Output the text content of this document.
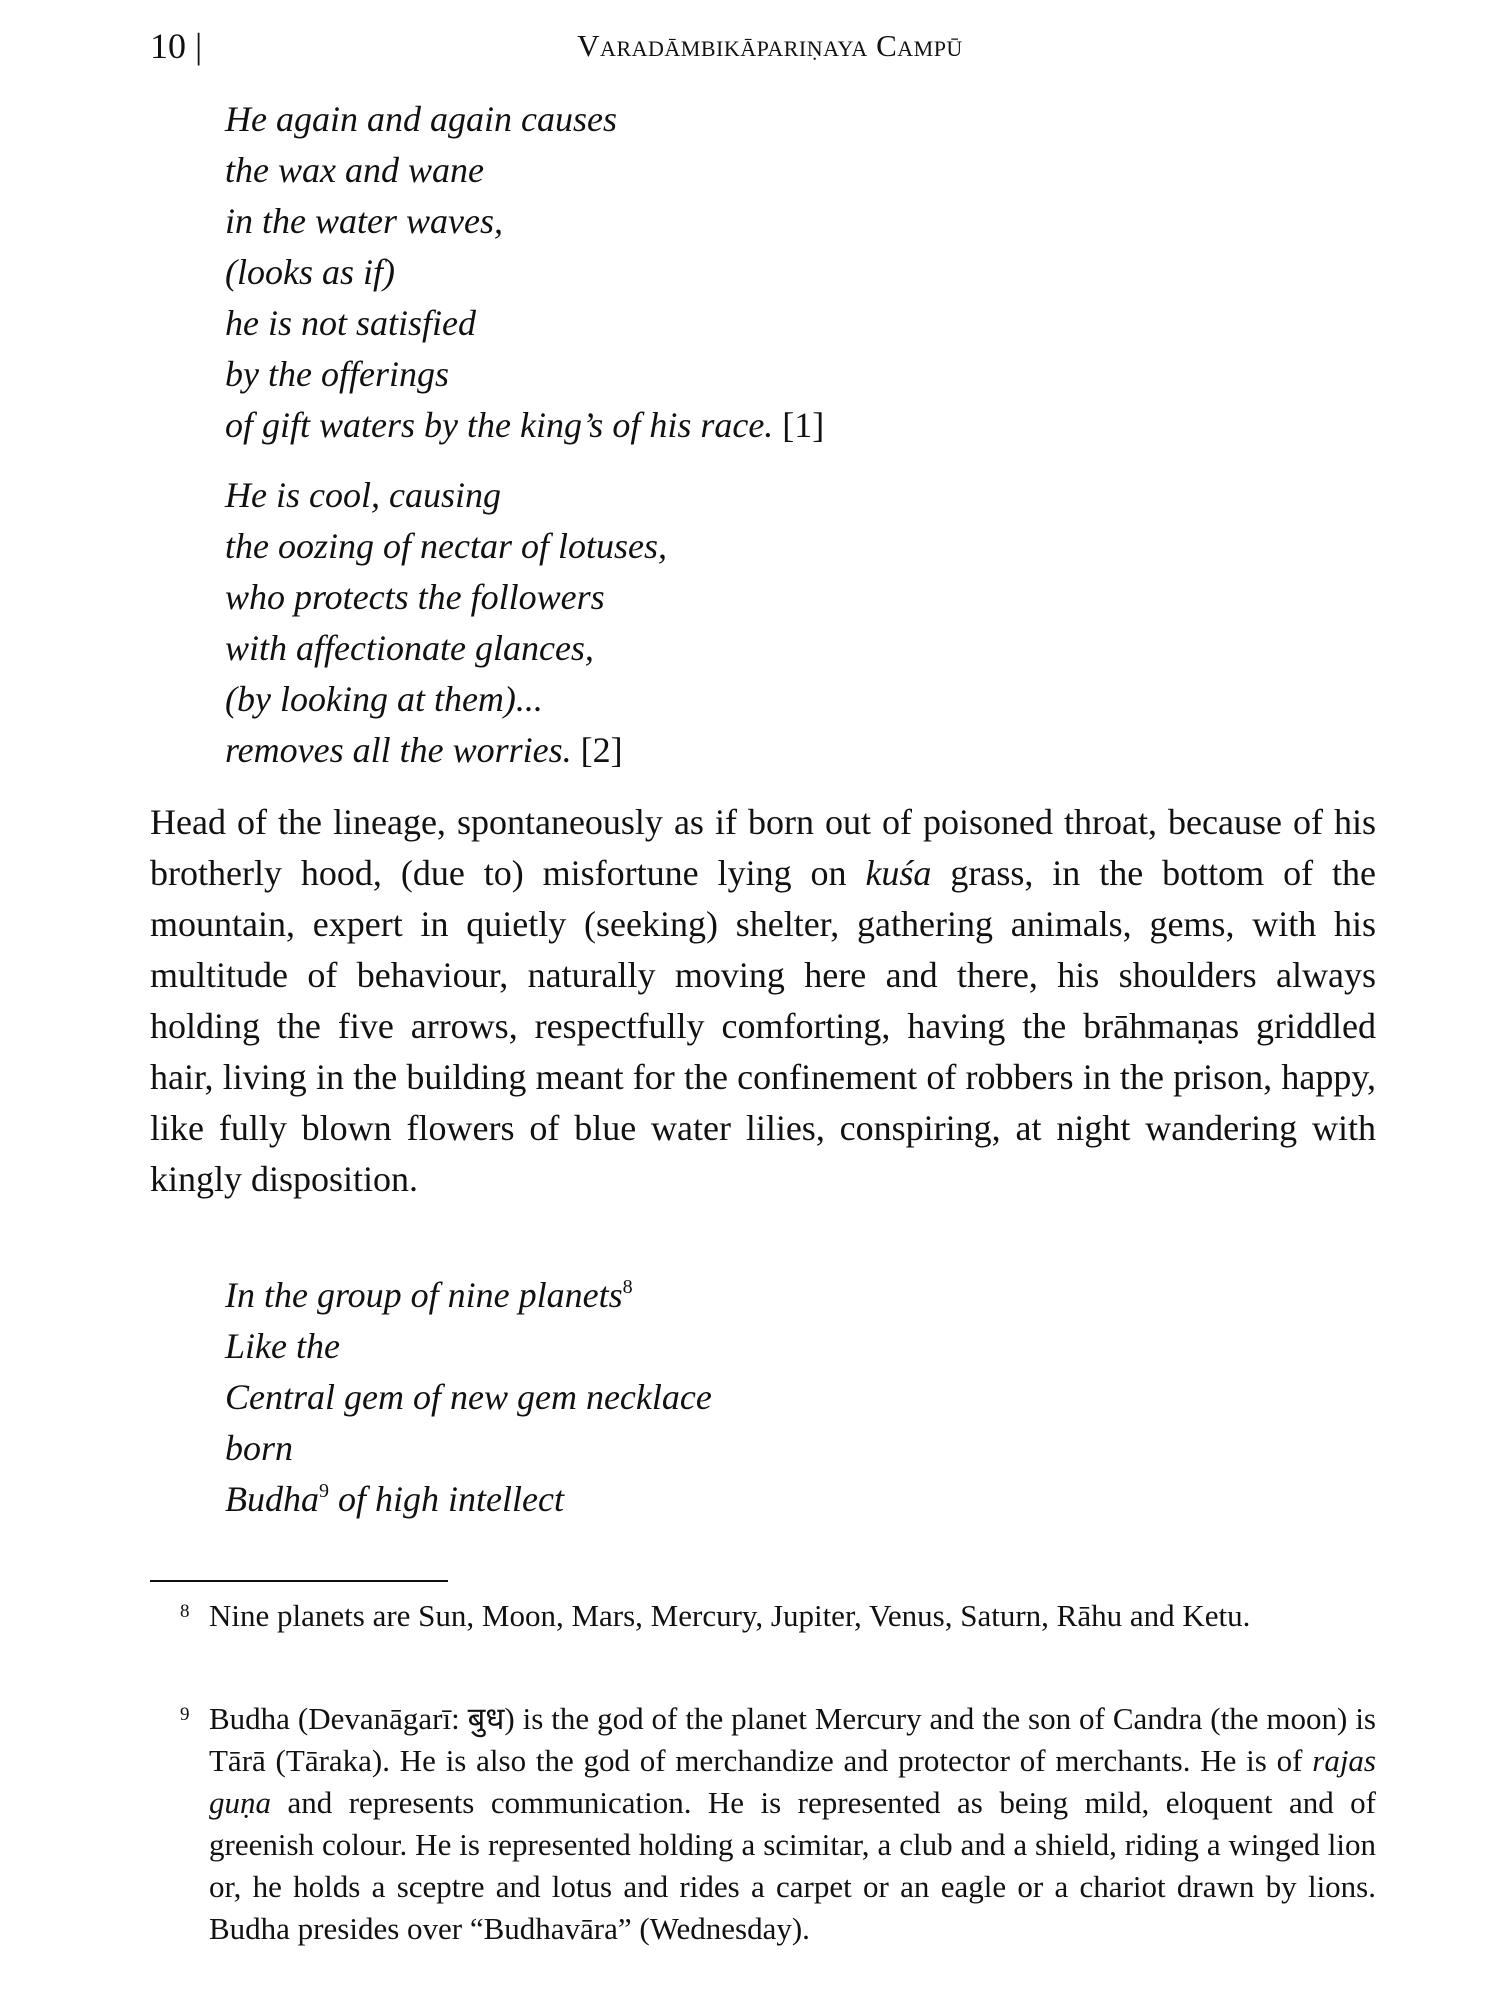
10 |	Varadāmbikāpariṇaya Campū
He again and again causes
the wax and wane
in the water waves,
(looks as if)
he is not satisfied
by the offerings
of gift waters by the king’s of his race. [1]
He is cool, causing
the oozing of nectar of lotuses,
who protects the followers
with affectionate glances,
(by looking at them)...
removes all the worries. [2]

Head of the lineage, spontaneously as if born out of poisoned throat, because of his brotherly hood, (due to) misfortune lying on kuśa grass, in the bottom of the mountain, expert in quietly (seeking) shelter, gathering animals, gems, with his multitude of behaviour, naturally moving here and there, his shoulders always holding the five arrows, respectfully comforting, having the brāhmaṇas griddled hair, living in the building meant for the confinement of robbers in the prison, happy, like fully blown flowers of blue water lilies, conspiring, at night wandering with kingly disposition.

In the group of nine planets$^8$
Like the
Central gem of new gem necklace
born
Budha$^9$ of high intellect
8 Nine planets are Sun, Moon, Mars, Mercury, Jupiter, Venus, Saturn, Rāhu and Ketu.
9 Budha (Devanāgarī: बुध) is the god of the planet Mercury and the son of Candra (the moon) is Tārā (Tāraka). He is also the god of merchandize and protector of merchants. He is of rajas guṇa and represents communication. He is represented as being mild, eloquent and of greenish colour. He is represented holding a scimitar, a club and a shield, riding a winged lion or, he holds a sceptre and lotus and rides a carpet or an eagle or a chariot drawn by lions. Budha presides over “Budhavāra” (Wednesday).
